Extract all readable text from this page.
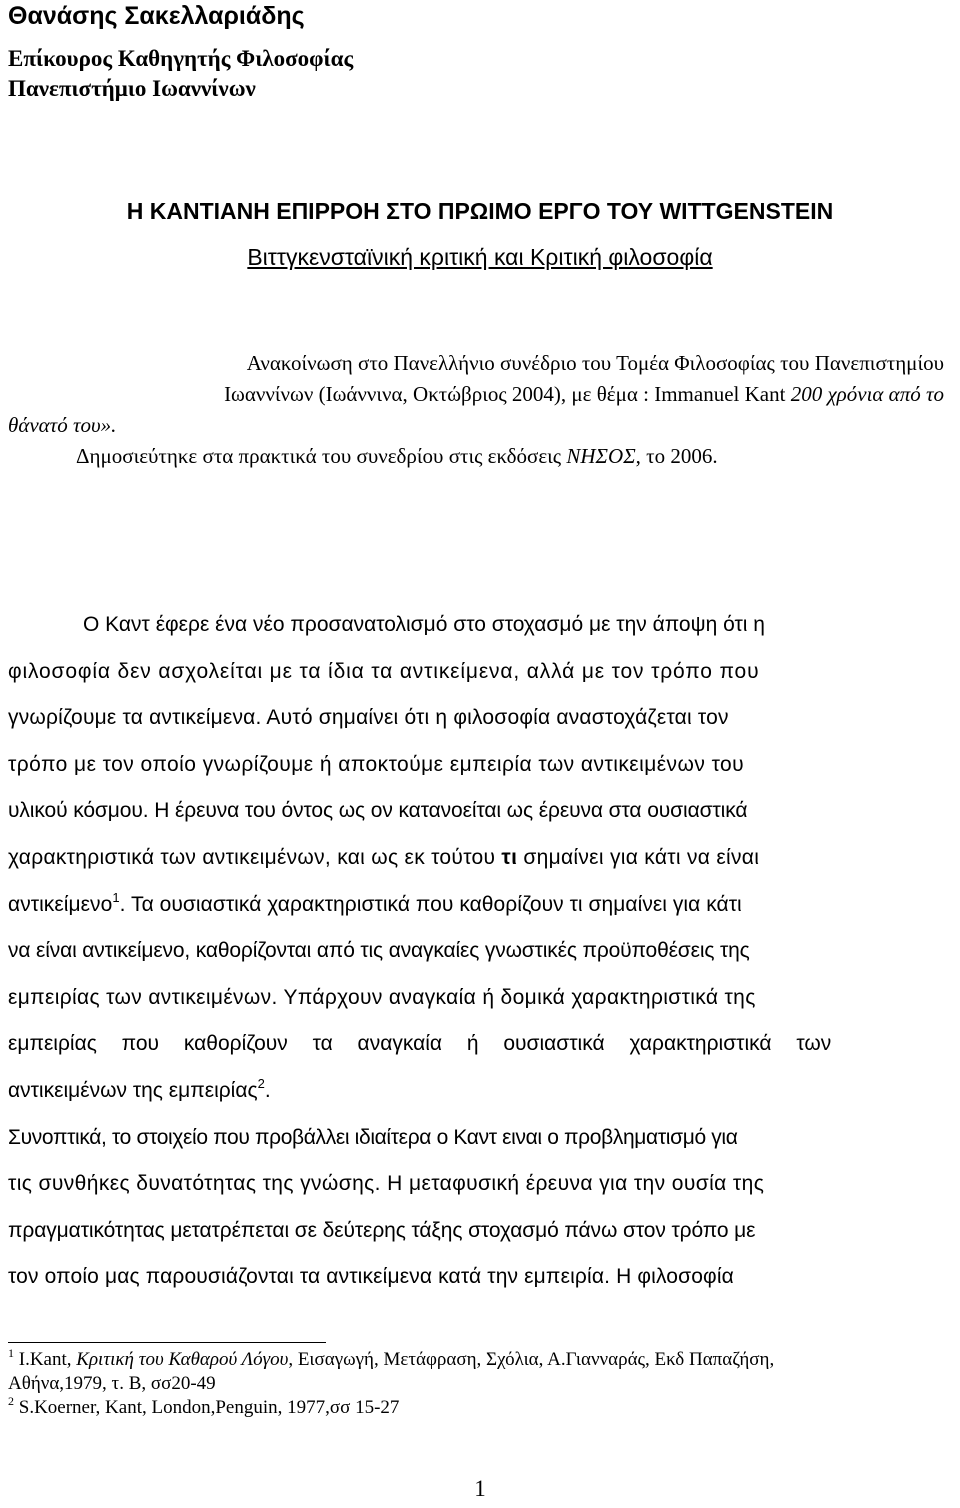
Θανάσης Σακελλαριάδης
Επίκουρος Καθηγητής Φιλοσοφίας
Πανεπιστήμιο Ιωαννίνων
Η ΚΑΝΤΙΑΝΗ ΕΠΙΡΡΟΗ ΣΤΟ ΠΡΩΙΜΟ ΕΡΓΟ ΤΟΥ WITTGENSTEIN
Βιττγκενσταϊνική κριτική και Κριτική φιλοσοφία
Ανακοίνωση στο Πανελλήνιο συνέδριο του Τομέα Φιλοσοφίας του Πανεπιστημίου
Ιωαννίνων (Ιωάννινα, Οκτώβριος 2004), με θέμα : Immanuel Kant 200 χρόνια από το
θάνατό του».
Δημοσιεύτηκε στα πρακτικά του συνεδρίου στις εκδόσεις ΝΗΣΟΣ, το 2006.
Ο Καντ έφερε ένα νέο προσανατολισμό στο στοχασμό με την άποψη ότι η
φιλοσοφία δεν ασχολείται με τα ίδια τα αντικείμενα, αλλά με τον τρόπο που
γνωρίζουμε τα αντικείμενα. Αυτό σημαίνει ότι η φιλοσοφία αναστοχάζεται τον
τρόπο με τον οποίο γνωρίζουμε ή αποκτούμε εμπειρία των αντικειμένων του
υλικού κόσμου. Η έρευνα του όντος ως ον κατανοείται ως έρευνα στα ουσιαστικά
χαρακτηριστικά των αντικειμένων, και ως εκ τούτου τι σημαίνει για κάτι να είναι
αντικείμενο$^1$. Τα ουσιαστικά χαρακτηριστικά που καθορίζουν τι σημαίνει για κάτι
να είναι αντικείμενο, καθορίζονται από τις αναγκαίες γνωστικές προϋποθέσεις της
εμπειρίας των αντικειμένων. Υπάρχουν αναγκαία ή δομικά χαρακτηριστικά της
εμπειρίας που καθορίζουν τα αναγκαία ή ουσιαστικά χαρακτηριστικά των
αντικειμένων της εμπειρίας$^2$.
Συνοπτικά, το στοιχείο που προβάλλει ιδιαίτερα ο Καντ ειναι ο προβληματισμό για
τις συνθήκες δυνατότητας της γνώσης. Η μεταφυσική έρευνα για την ουσία της
πραγματικότητας μετατρέπεται σε δεύτερης τάξης στοχασμό πάνω στον τρόπο με
τον οποίο μας παρουσιάζονται τα αντικείμενα κατά την εμπειρία. Η φιλοσοφία
$^1$ I.Kant, Κριτική του Καθαρού Λόγου, Εισαγωγή, Μετάφραση, Σχόλια, Α.Γιανναράς, Εκδ Παπαζήση,
Αθήνα,1979, τ. Β, σσ20-49
$^2$ S.Koerner, Kant, London,Penguin, 1977,σσ 15-27
1
